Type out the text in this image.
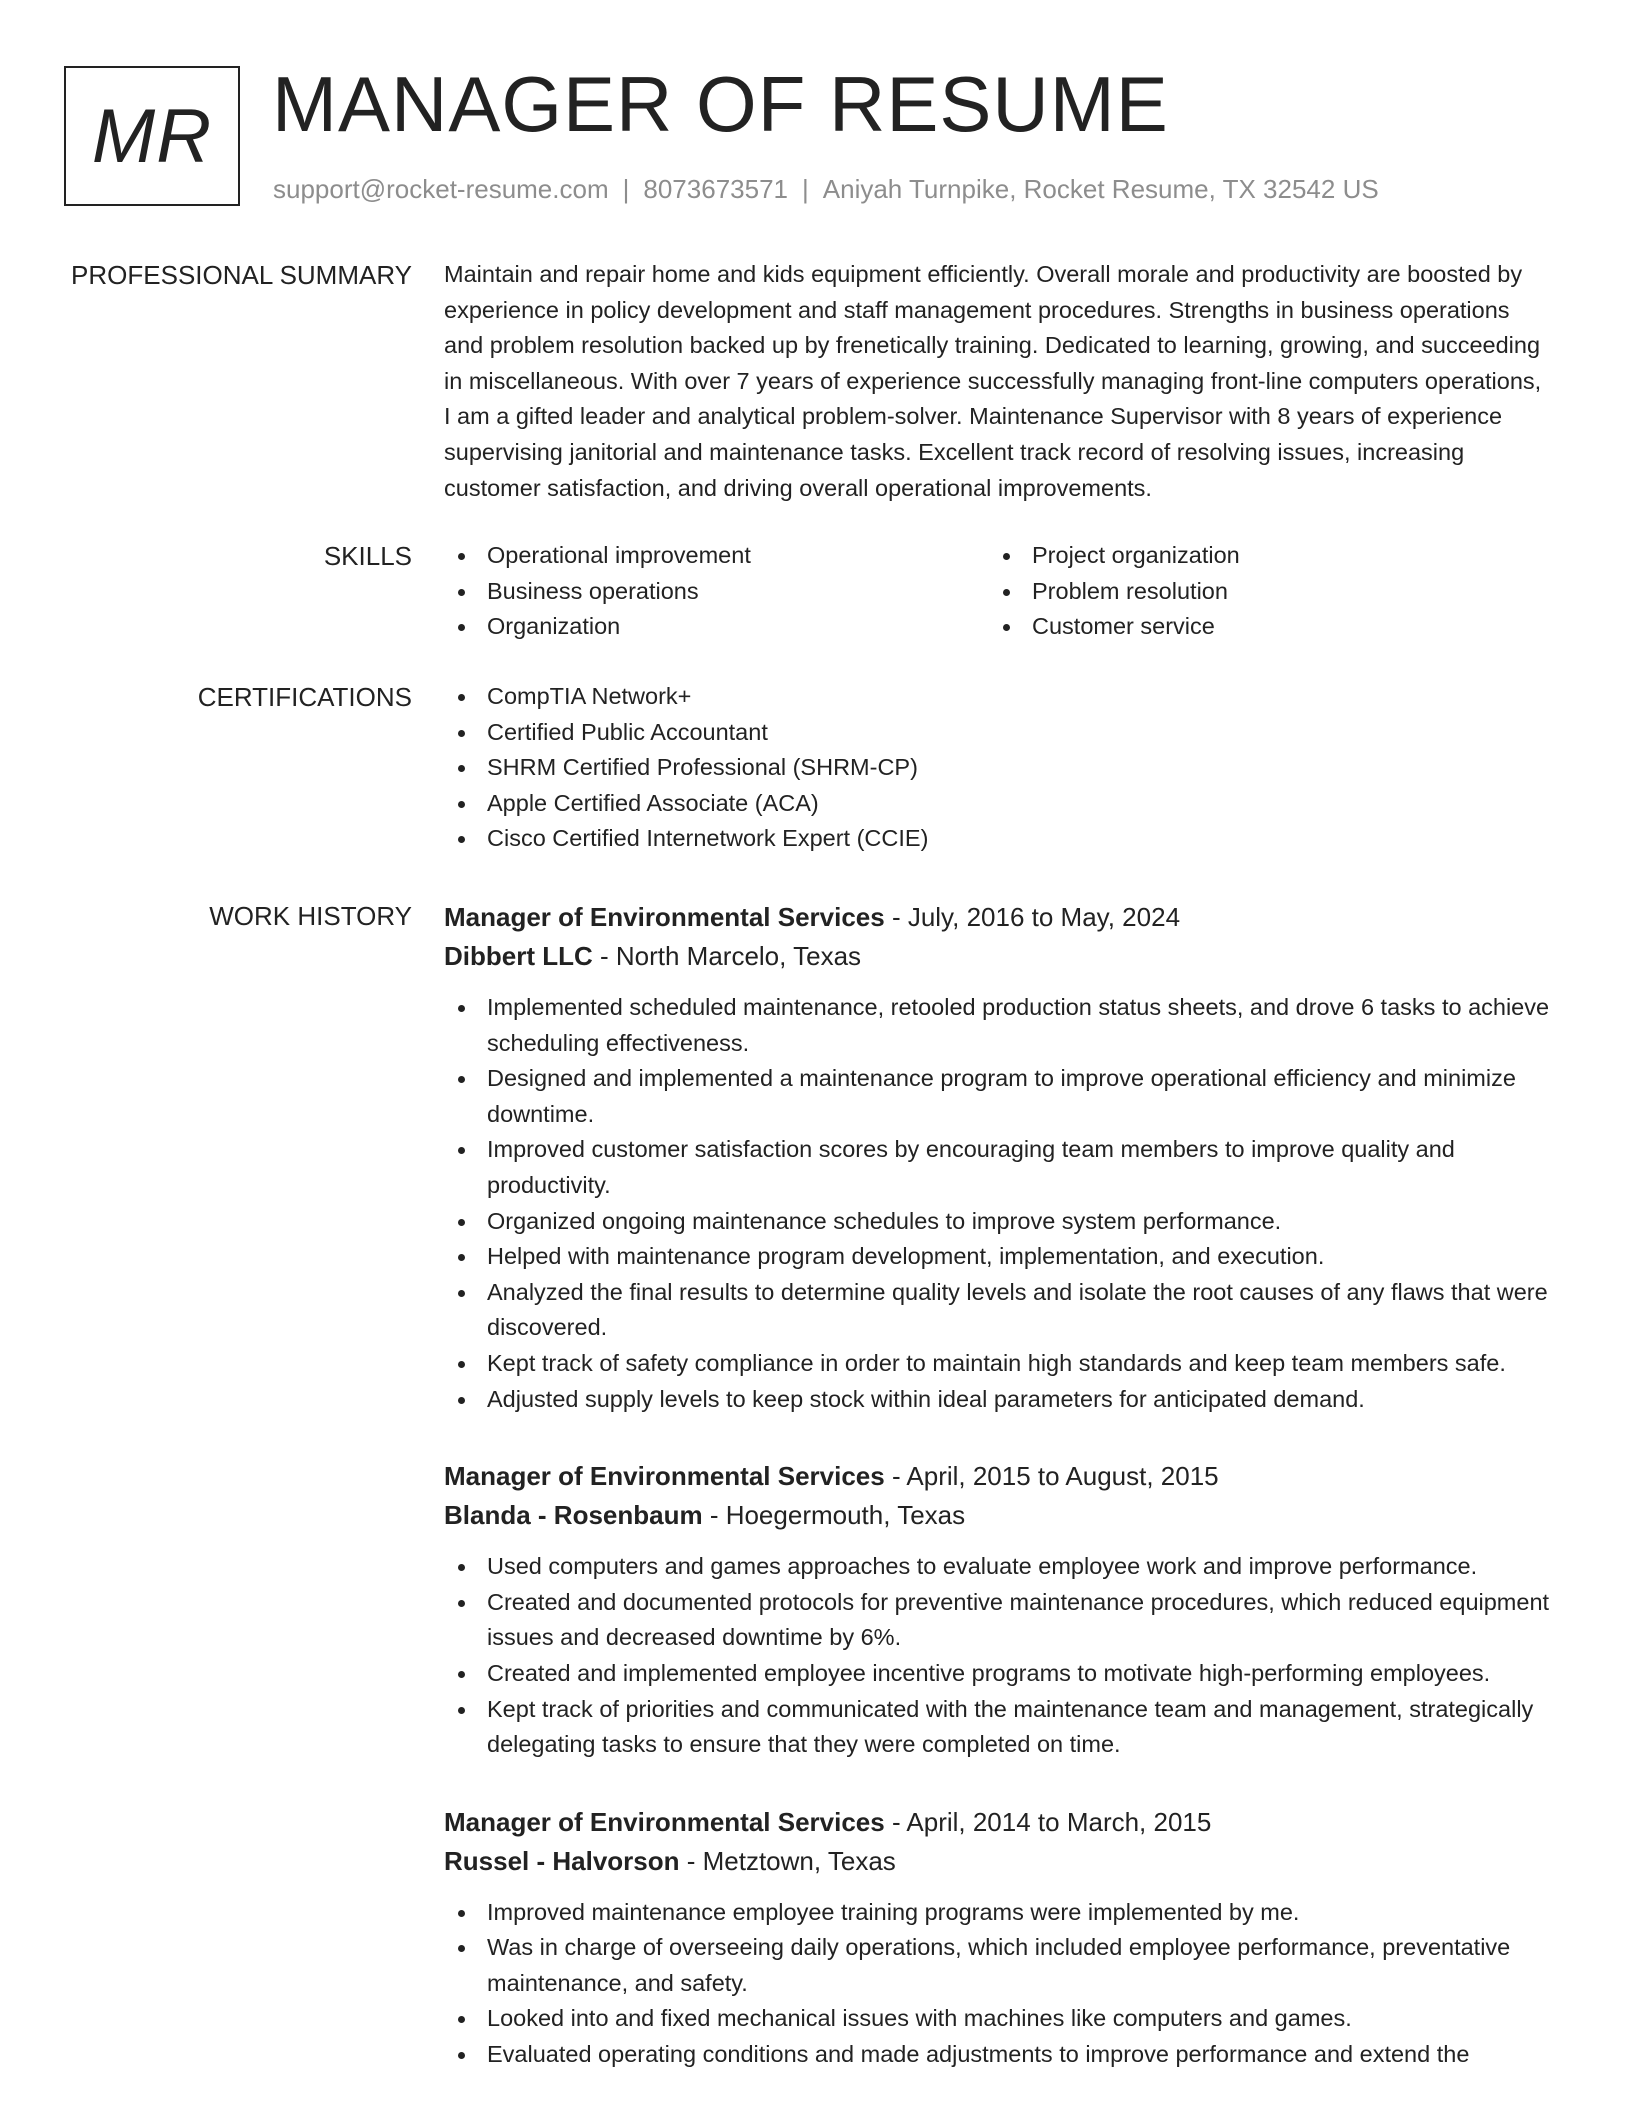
MR MANAGER OF RESUME
support@rocket-resume.com | 8073673571 | Aniyah Turnpike, Rocket Resume, TX 32542 US
PROFESSIONAL SUMMARY Maintain and repair home and kids equipment efficiently. Overall morale and productivity are boosted by experience in policy development and staff management procedures. Strengths in business operations and problem resolution backed up by frenetically training. Dedicated to learning, growing, and succeeding in miscellaneous. With over 7 years of experience successfully managing front-line computers operations, I am a gifted leader and analytical problem-solver. Maintenance Supervisor with 8 years of experience supervising janitorial and maintenance tasks. Excellent track record of resolving issues, increasing customer satisfaction, and driving overall operational improvements.
SKILLS	Operational improvement
Business operations
Organization
Project organization
Problem resolution
Customer service
CERTIFICATIONS	CompTIA Network+
Certified Public Accountant
SHRM Certified Professional (SHRM-CP)
Apple Certified Associate (ACA)
Cisco Certified Internetwork Expert (CCIE)
WORK HISTORY Manager of Environmental Services - July, 2016 to May, 2024
Dibbert LLC - North Marcelo, Texas
Implemented scheduled maintenance, retooled production status sheets, and drove 6 tasks to achieve scheduling effectiveness.
Designed and implemented a maintenance program to improve operational efficiency and minimize downtime.
Improved customer satisfaction scores by encouraging team members to improve quality and productivity.
Organized ongoing maintenance schedules to improve system performance.
Helped with maintenance program development, implementation, and execution.
Analyzed the final results to determine quality levels and isolate the root causes of any flaws that were discovered.
Kept track of safety compliance in order to maintain high standards and keep team members safe.
Adjusted supply levels to keep stock within ideal parameters for anticipated demand.
Manager of Environmental Services - April, 2015 to August, 2015
Blanda - Rosenbaum - Hoegermouth, Texas
Used computers and games approaches to evaluate employee work and improve performance.
Created and documented protocols for preventive maintenance procedures, which reduced equipment issues and decreased downtime by 6%.
Created and implemented employee incentive programs to motivate high-performing employees.
Kept track of priorities and communicated with the maintenance team and management, strategically delegating tasks to ensure that they were completed on time.
Manager of Environmental Services - April, 2014 to March, 2015
Russel - Halvorson - Metztown, Texas
Improved maintenance employee training programs were implemented by me.
Was in charge of overseeing daily operations, which included employee performance, preventative maintenance, and safety.
Looked into and fixed mechanical issues with machines like computers and games.
Evaluated operating conditions and made adjustments to improve performance and extend the
